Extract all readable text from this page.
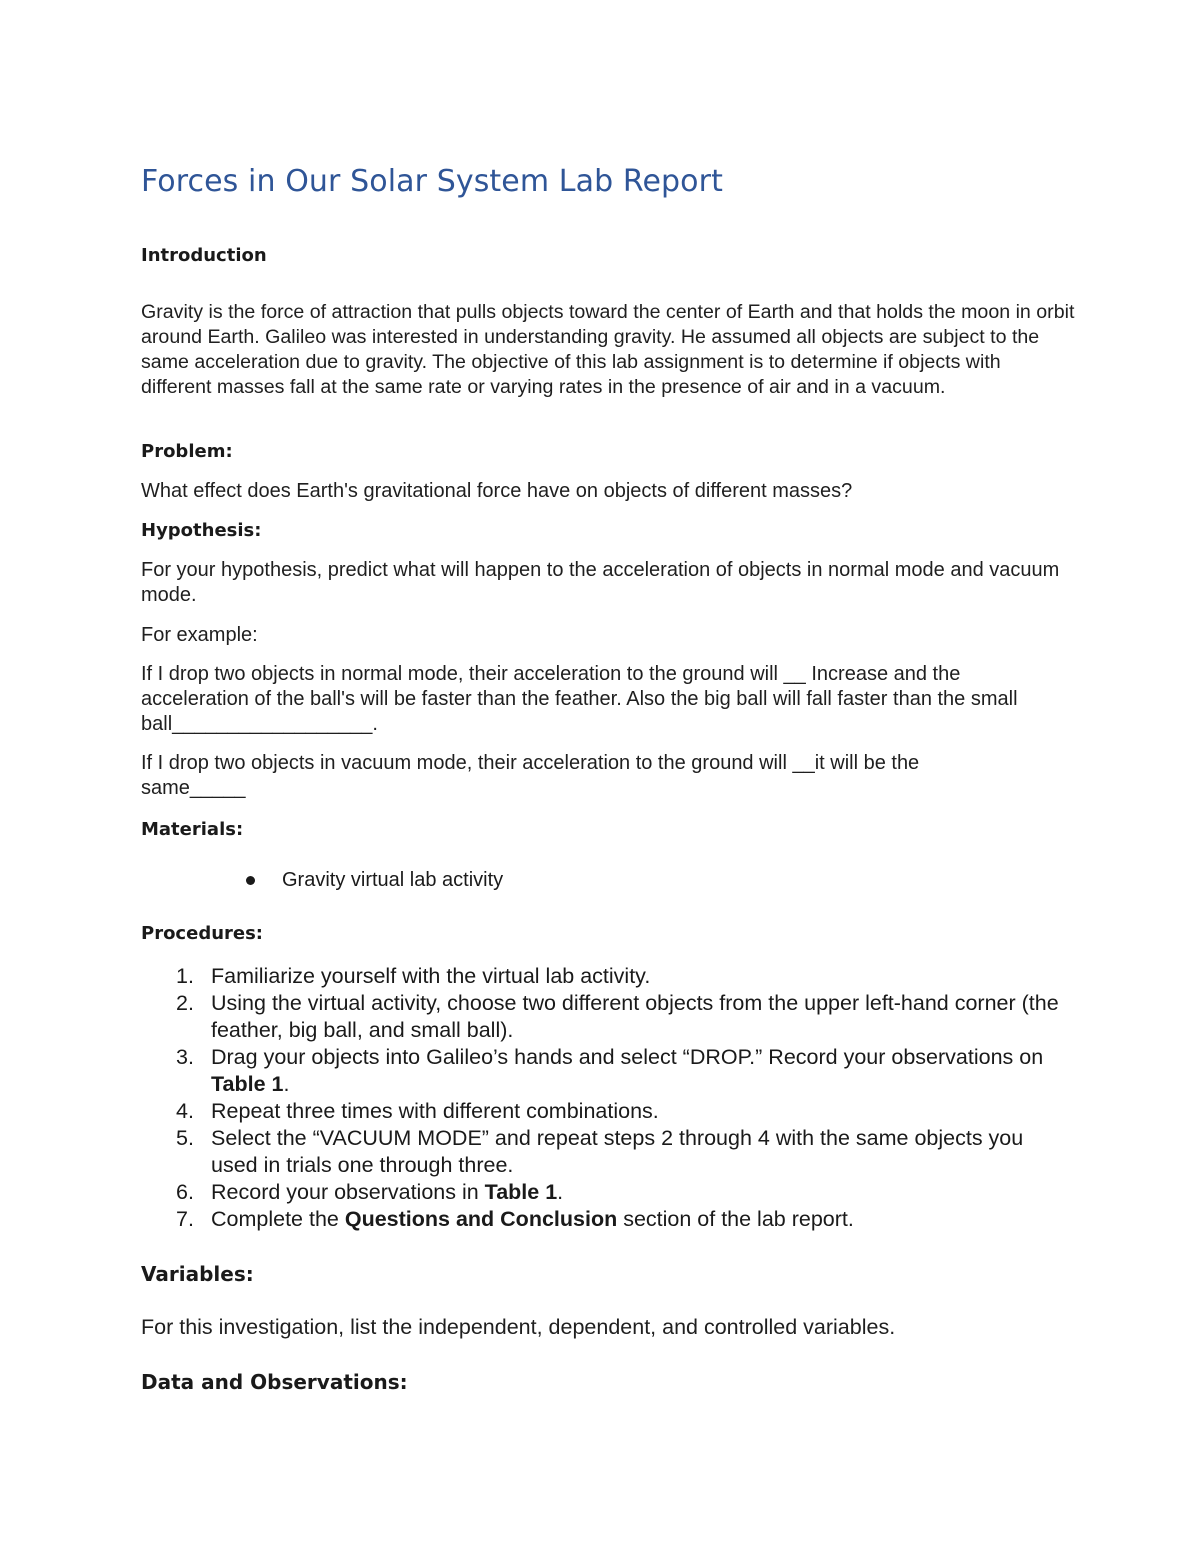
Forces in Our Solar System Lab Report

Introduction

Gravity is the force of attraction that pulls objects toward the center of Earth and that holds the moon in orbit around Earth. Galileo was interested in understanding gravity. He assumed all objects are subject to the same acceleration due to gravity. The objective of this lab assignment is to determine if objects with different masses fall at the same rate or varying rates in the presence of air and in a vacuum.

Problem:

What effect does Earth's gravitational force have on objects of different masses?

Hypothesis:

For your hypothesis, predict what will happen to the acceleration of objects in normal mode and vacuum mode.

For example:

If I drop two objects in normal mode, their acceleration to the ground will __ Increase and the acceleration of the ball's will be faster than the feather. Also the big ball will fall faster than the small ball__________________.

If I drop two objects in vacuum mode, their acceleration to the ground will __it will be the same_____

Materials:

Gravity virtual lab activity

Procedures:

1. Familiarize yourself with the virtual lab activity.
2. Using the virtual activity, choose two different objects from the upper left-hand corner (the feather, big ball, and small ball).
3. Drag your objects into Galileo’s hands and select “DROP.” Record your observations on Table 1.
4. Repeat three times with different combinations.
5. Select the “VACUUM MODE” and repeat steps 2 through 4 with the same objects you used in trials one through three.
6. Record your observations in Table 1.
7. Complete the Questions and Conclusion section of the lab report.

Variables:

For this investigation, list the independent, dependent, and controlled variables.

Data and Observations:
